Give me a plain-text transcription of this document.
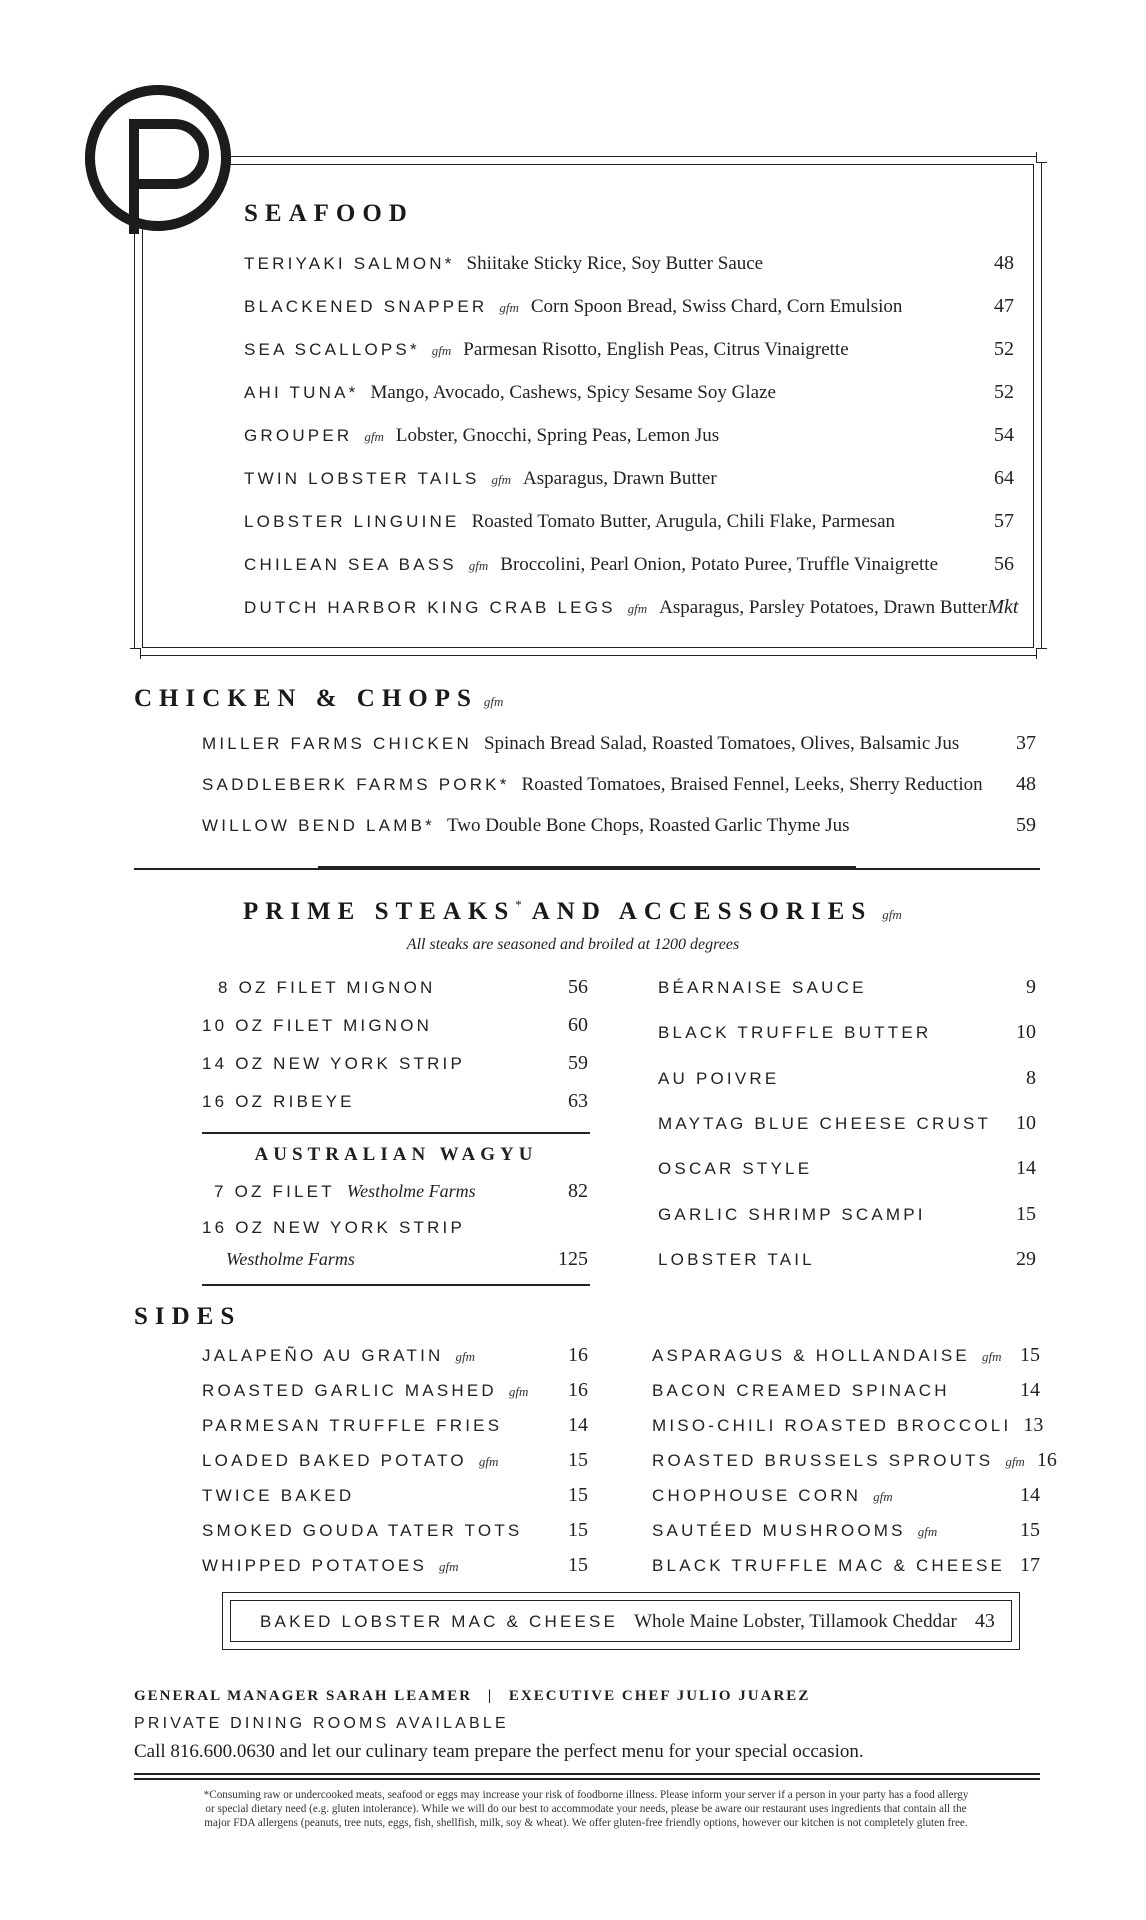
SEAFOOD
TERIYAKI SALMON* Shiitake Sticky Rice, Soy Butter Sauce	48
BLACKENED SNAPPER gfm Corn Spoon Bread, Swiss Chard, Corn Emulsion	47
SEA SCALLOPS* gfm Parmesan Risotto, English Peas, Citrus Vinaigrette	52
AHI TUNA* Mango, Avocado, Cashews, Spicy Sesame Soy Glaze	52
GROUPER gfm Lobster, Gnocchi, Spring Peas, Lemon Jus	54
TWIN LOBSTER TAILS gfm Asparagus, Drawn Butter	64
LOBSTER LINGUINE Roasted Tomato Butter, Arugula, Chili Flake, Parmesan	57
CHILEAN SEA BASS gfm Broccolini, Pearl Onion, Potato Puree, Truffle Vinaigrette	56
DUTCH HARBOR KING CRAB LEGS gfm Asparagus, Parsley Potatoes, Drawn Butter Mkt
CHICKEN & CHOPS gfm
MILLER FARMS CHICKEN Spinach Bread Salad, Roasted Tomatoes, Olives, Balsamic Jus	37
SADDLEBERK FARMS PORK* Roasted Tomatoes, Braised Fennel, Leeks, Sherry Reduction 48
WILLOW BEND LAMB* Two Double Bone Chops, Roasted Garlic Thyme Jus	59
PRIME STEAKS * AND ACCESSORIES gfm
All steaks are seasoned and broiled at 1200 degrees
8 OZ FILET MIGNON	56
10 OZ FILET MIGNON	60
14 OZ NEW YORK STRIP	59
16 OZ RIBEYE	63
AUSTRALIAN WAGYU
7 OZ FILET Westholme Farms	82
16 OZ NEW YORK STRIP
Westholme Farms	125
BÉARNAISE SAUCE	9
BLACK TRUFFLE BUTTER	10
AU POIVRE	8
MAYTAG BLUE CHEESE CRUST 10
OSCAR STYLE	14
GARLIC SHRIMP SCAMPI	15
LOBSTER TAIL	29
SIDES
JALAPEÑO AU GRATIN gfm	16
ROASTED GARLIC MASHED gfm 16
PARMESAN TRUFFLE FRIES	14
LOADED BAKED POTATO gfm	15
TWICE BAKED	15
SMOKED GOUDA TATER TOTS 15
WHIPPED POTATOES gfm	15
ASPARAGUS & HOLLANDAISE gfm 15
BACON CREAMED SPINACH	14
MISO-CHILI ROASTED BROCCOLI 13
ROASTED BRUSSELS SPROUTS gfm 16
CHOPHOUSE CORN gfm	14
SAUTÉED MUSHROOMS gfm	15
BLACK TRUFFLE MAC & CHEESE 17
BAKED LOBSTER MAC & CHEESE Whole Maine Lobster, Tillamook Cheddar 43
GENERAL MANAGER SARAH LEAMER | EXECUTIVE CHEF JULIO JUAREZ
PRIVATE DINING ROOMS AVAILABLE
Call 816.600.0630 and let our culinary team prepare the perfect menu for your special occasion.
*Consuming raw or undercooked meats, seafood or eggs may increase your risk of foodborne illness. Please inform your server if a person in your party has a food allergy
or special dietary need (e.g. gluten intolerance). While we will do our best to accommodate your needs, please be aware our restaurant uses ingredients that contain all the
major FDA allergens (peanuts, tree nuts, eggs, fish, shellfish, milk, soy & wheat). We offer gluten-free friendly options, however our kitchen is not completely gluten free.
